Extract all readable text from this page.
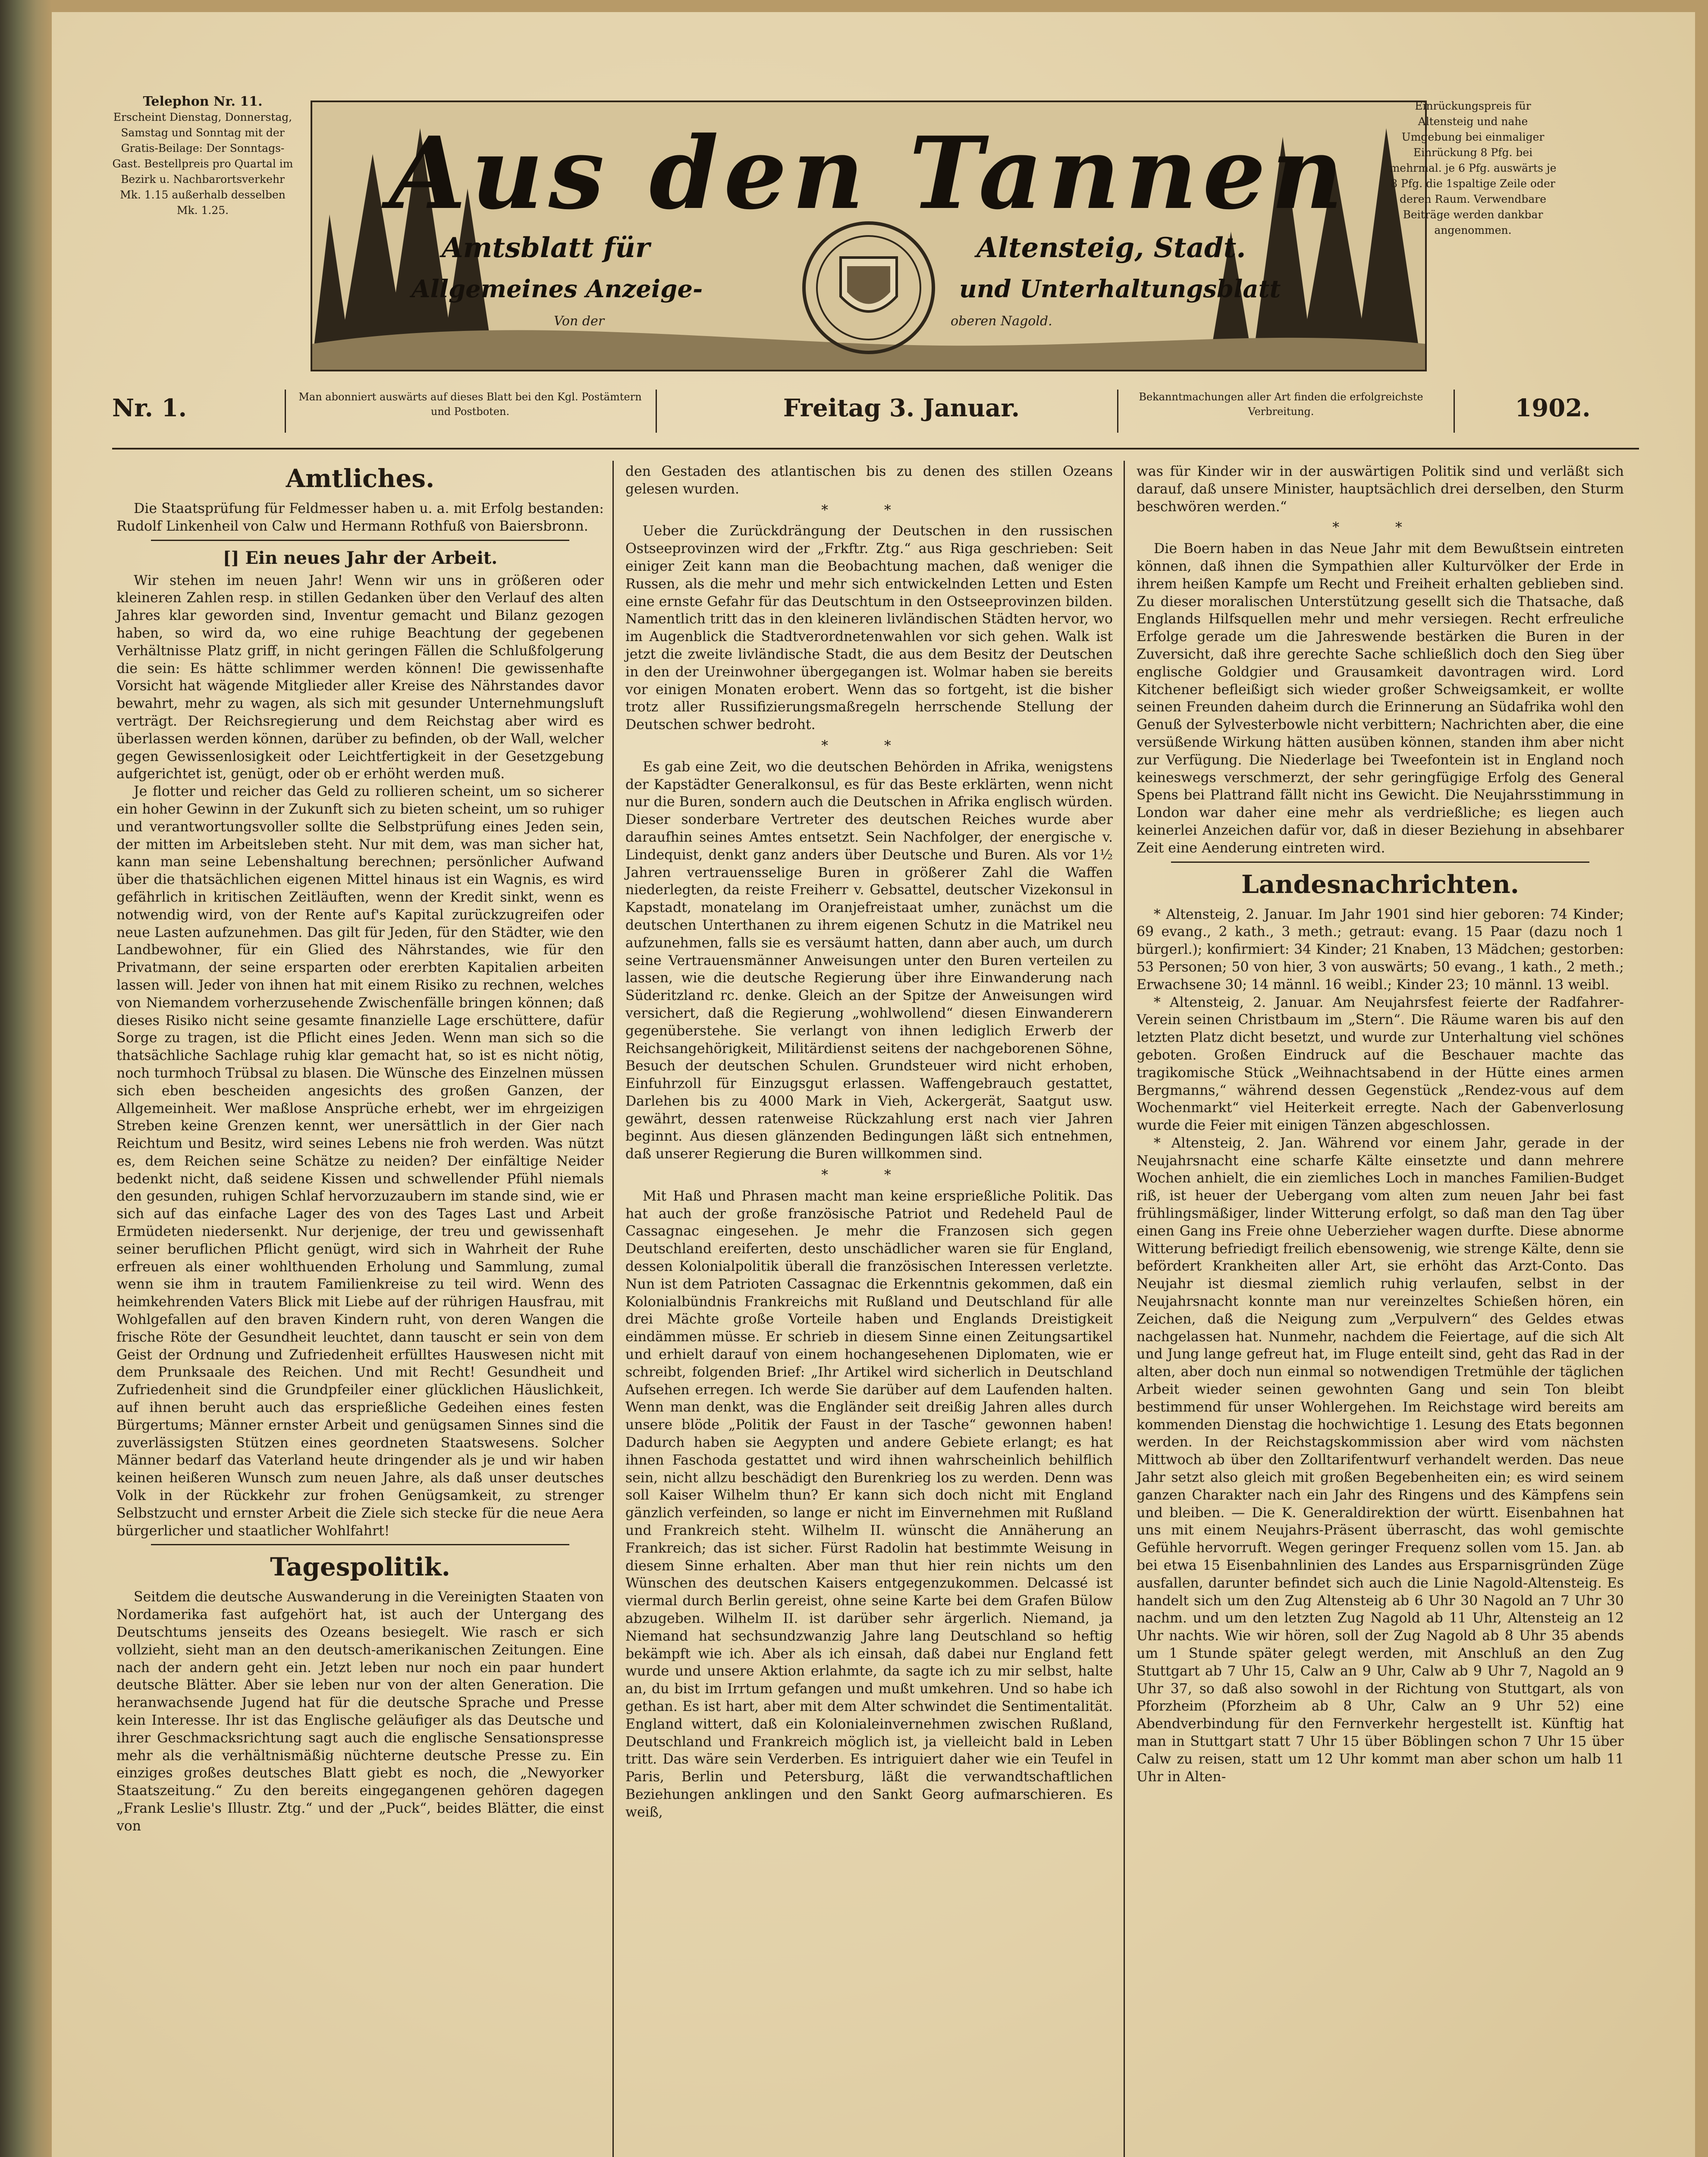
Telephon Nr. 11.
Erscheint Dienstag, Donnerstag, Samstag und Sonntag mit der Gratis-Beilage: Der Sonntags-Gast. Bestellpreis pro Quartal im Bezirk u. Nachbarortsverkehr Mk. 1.15 außerhalb desselben Mk. 1.25.	Aus den Tannen
Amtsblatt für	Altensteig, Stadt.
Allgemeines Anzeige-	und Unterhaltungsblatt
Von der	oberen Nagold.
Einrückungspreis für Altensteig und nahe Umgebung bei einmaliger Einrückung 8 Pfg. bei mehrmal. je 6 Pfg. auswärts je 8 Pfg. die 1spaltige Zeile oder deren Raum. Verwendbare Beiträge werden dankbar angenommen.
Nr. 1.	Man abonniert auswärts auf dieses Blatt bei den Kgl. Postämtern und Postboten.	Freitag 3. Januar.	Bekanntmachungen aller Art finden die erfolgreichste Verbreitung.	1902.
Amtliches.

Die Staatsprüfung für Feldmesser haben u. a. mit Erfolg bestanden: Rudolf Linkenheil von Calw und Hermann Rothfuß von Baiersbronn.

[] Ein neues Jahr der Arbeit.

Wir stehen im neuen Jahr! Wenn wir uns in größeren oder kleineren Zahlen resp. in stillen Gedanken über den Verlauf des alten Jahres klar geworden sind, Inventur gemacht und Bilanz gezogen haben, so wird da, wo eine ruhige Beachtung der gegebenen Verhältnisse Platz griff, in nicht geringen Fällen die Schlußfolgerung die sein: Es hätte schlimmer werden können! Die gewissenhafte Vorsicht hat wägende Mitglieder aller Kreise des Nährstandes davor bewahrt, mehr zu wagen, als sich mit gesunder Unternehmungsluft verträgt. Der Reichsregierung und dem Reichstag aber wird es überlassen werden können, darüber zu befinden, ob der Wall, welcher gegen Gewissenlosigkeit oder Leichtfertigkeit in der Gesetzgebung aufgerichtet ist, genügt, oder ob er erhöht werden muß.

Je flotter und reicher das Geld zu rollieren scheint, um so sicherer ein hoher Gewinn in der Zukunft sich zu bieten scheint, um so ruhiger und verantwortungsvoller sollte die Selbstprüfung eines Jeden sein, der mitten im Arbeitsleben steht. Nur mit dem, was man sicher hat, kann man seine Lebenshaltung berechnen; persönlicher Aufwand über die thatsächlichen eigenen Mittel hinaus ist ein Wagnis, es wird gefährlich in kritischen Zeitläuften, wenn der Kredit sinkt, wenn es notwendig wird, von der Rente auf's Kapital zurückzugreifen oder neue Lasten aufzunehmen. Das gilt für Jeden, für den Städter, wie den Landbewohner, für ein Glied des Nährstandes, wie für den Privatmann, der seine ersparten oder ererbten Kapitalien arbeiten lassen will. Jeder von ihnen hat mit einem Risiko zu rechnen, welches von Niemandem vorherzusehende Zwischenfälle bringen können; daß dieses Risiko nicht seine gesamte finanzielle Lage erschüttere, dafür Sorge zu tragen, ist die Pflicht eines Jeden. Wenn man sich so die thatsächliche Sachlage ruhig klar gemacht hat, so ist es nicht nötig, noch turmhoch Trübsal zu blasen. Die Wünsche des Einzelnen müssen sich eben bescheiden angesichts des großen Ganzen, der Allgemeinheit. Wer maßlose Ansprüche erhebt, wer im ehrgeizigen Streben keine Grenzen kennt, wer unersättlich in der Gier nach Reichtum und Besitz, wird seines Lebens nie froh werden. Was nützt es, dem Reichen seine Schätze zu neiden? Der einfältige Neider bedenkt nicht, daß seidene Kissen und schwellender Pfühl niemals den gesunden, ruhigen Schlaf hervorzuzaubern im stande sind, wie er sich auf das einfache Lager des von des Tages Last und Arbeit Ermüdeten niedersenkt. Nur derjenige, der treu und gewissenhaft seiner beruflichen Pflicht genügt, wird sich in Wahrheit der Ruhe erfreuen als einer wohlthuenden Erholung und Sammlung, zumal wenn sie ihm in trautem Familienkreise zu teil wird. Wenn des heimkehrenden Vaters Blick mit Liebe auf der rührigen Hausfrau, mit Wohlgefallen auf den braven Kindern ruht, von deren Wangen die frische Röte der Gesundheit leuchtet, dann tauscht er sein von dem Geist der Ordnung und Zufriedenheit erfülltes Hauswesen nicht mit dem Prunksaale des Reichen. Und mit Recht! Gesundheit und Zufriedenheit sind die Grundpfeiler einer glücklichen Häuslichkeit, auf ihnen beruht auch das ersprießliche Gedeihen eines festen Bürgertums; Männer ernster Arbeit und genügsamen Sinnes sind die zuverlässigsten Stützen eines geordneten Staatswesens. Solcher Männer bedarf das Vaterland heute dringender als je und wir haben keinen heißeren Wunsch zum neuen Jahre, als daß unser deutsches Volk in der Rückkehr zur frohen Genügsamkeit, zu strenger Selbstzucht und ernster Arbeit die Ziele sich stecke für die neue Aera bürgerlicher und staatlicher Wohlfahrt!

Tagespolitik.

Seitdem die deutsche Auswanderung in die Vereinigten Staaten von Nordamerika fast aufgehört hat, ist auch der Untergang des Deutschtums jenseits des Ozeans besiegelt. Wie rasch er sich vollzieht, sieht man an den deutsch-amerikanischen Zeitungen. Eine nach der andern geht ein. Jetzt leben nur noch ein paar hundert deutsche Blätter. Aber sie leben nur von der alten Generation. Die heranwachsende Jugend hat für die deutsche Sprache und Presse kein Interesse. Ihr ist das Englische geläufiger als das Deutsche und ihrer Geschmacksrichtung sagt auch die englische Sensationspresse mehr als die verhältnismäßig nüchterne deutsche Presse zu. Ein einziges großes deutsches Blatt giebt es noch, die „Newyorker Staatszeitung.“ Zu den bereits eingegangenen gehören dagegen „Frank Leslie's Illustr. Ztg.“ und der „Puck“, beides Blätter, die einst von

den Gestaden des atlantischen bis zu denen des stillen Ozeans gelesen wurden.

* *

Ueber die Zurückdrängung der Deutschen in den russischen Ostseeprovinzen wird der „Frkftr. Ztg.“ aus Riga geschrieben: Seit einiger Zeit kann man die Beobachtung machen, daß weniger die Russen, als die mehr und mehr sich entwickelnden Letten und Esten eine ernste Gefahr für das Deutschtum in den Ostseeprovinzen bilden. Namentlich tritt das in den kleineren livländischen Städten hervor, wo im Augenblick die Stadtverordnetenwahlen vor sich gehen. Walk ist jetzt die zweite livländische Stadt, die aus dem Besitz der Deutschen in den der Ureinwohner übergegangen ist. Wolmar haben sie bereits vor einigen Monaten erobert. Wenn das so fortgeht, ist die bisher trotz aller Russifizierungsmaßregeln herrschende Stellung der Deutschen schwer bedroht.

* *

Es gab eine Zeit, wo die deutschen Behörden in Afrika, wenigstens der Kapstädter Generalkonsul, es für das Beste erklärten, wenn nicht nur die Buren, sondern auch die Deutschen in Afrika englisch würden. Dieser sonderbare Vertreter des deutschen Reiches wurde aber daraufhin seines Amtes entsetzt. Sein Nachfolger, der energische v. Lindequist, denkt ganz anders über Deutsche und Buren. Als vor 1½ Jahren vertrauensselige Buren in größerer Zahl die Waffen niederlegten, da reiste Freiherr v. Gebsattel, deutscher Vizekonsul in Kapstadt, monatelang im Oranjefreistaat umher, zunächst um die deutschen Unterthanen zu ihrem eigenen Schutz in die Matrikel neu aufzunehmen, falls sie es versäumt hatten, dann aber auch, um durch seine Vertrauensmänner Anweisungen unter den Buren verteilen zu lassen, wie die deutsche Regierung über ihre Einwanderung nach Süderitzland rc. denke. Gleich an der Spitze der Anweisungen wird versichert, daß die Regierung „wohlwollend“ diesen Einwanderern gegenüberstehe. Sie verlangt von ihnen lediglich Erwerb der Reichsangehörigkeit, Militärdienst seitens der nachgeborenen Söhne, Besuch der deutschen Schulen. Grundsteuer wird nicht erhoben, Einfuhrzoll für Einzugsgut erlassen. Waffengebrauch gestattet, Darlehen bis zu 4000 Mark in Vieh, Ackergerät, Saatgut usw. gewährt, dessen ratenweise Rückzahlung erst nach vier Jahren beginnt. Aus diesen glänzenden Bedingungen läßt sich entnehmen, daß unserer Regierung die Buren willkommen sind.

* *

Mit Haß und Phrasen macht man keine ersprießliche Politik. Das hat auch der große französische Patriot und Redeheld Paul de Cassagnac eingesehen. Je mehr die Franzosen sich gegen Deutschland ereiferten, desto unschädlicher waren sie für England, dessen Kolonialpolitik überall die französischen Interessen verletzte. Nun ist dem Patrioten Cassagnac die Erkenntnis gekommen, daß ein Kolonialbündnis Frankreichs mit Rußland und Deutschland für alle drei Mächte große Vorteile haben und Englands Dreistigkeit eindämmen müsse. Er schrieb in diesem Sinne einen Zeitungsartikel und erhielt darauf von einem hochangesehenen Diplomaten, wie er schreibt, folgenden Brief: „Ihr Artikel wird sicherlich in Deutschland Aufsehen erregen. Ich werde Sie darüber auf dem Laufenden halten. Wenn man denkt, was die Engländer seit dreißig Jahren alles durch unsere blöde „Politik der Faust in der Tasche“ gewonnen haben! Dadurch haben sie Aegypten und andere Gebiete erlangt; es hat ihnen Faschoda gestattet und wird ihnen wahrscheinlich behilflich sein, nicht allzu beschädigt den Burenkrieg los zu werden. Denn was soll Kaiser Wilhelm thun? Er kann sich doch nicht mit England gänzlich verfeinden, so lange er nicht im Einvernehmen mit Rußland und Frankreich steht. Wilhelm II. wünscht die Annäherung an Frankreich; das ist sicher. Fürst Radolin hat bestimmte Weisung in diesem Sinne erhalten. Aber man thut hier rein nichts um den Wünschen des deutschen Kaisers entgegenzukommen. Delcassé ist viermal durch Berlin gereist, ohne seine Karte bei dem Grafen Bülow abzugeben. Wilhelm II. ist darüber sehr ärgerlich. Niemand, ja Niemand hat sechsundzwanzig Jahre lang Deutschland so heftig bekämpft wie ich. Aber als ich einsah, daß dabei nur England fett wurde und unsere Aktion erlahmte, da sagte ich zu mir selbst, halte an, du bist im Irrtum gefangen und mußt umkehren. Und so habe ich gethan. Es ist hart, aber mit dem Alter schwindet die Sentimentalität. England wittert, daß ein Kolonialeinvernehmen zwischen Rußland, Deutschland und Frankreich möglich ist, ja vielleicht bald in Leben tritt. Das wäre sein Verderben. Es intriguiert daher wie ein Teufel in Paris, Berlin und Petersburg, läßt die verwandtschaftlichen Beziehungen anklingen und den Sankt Georg aufmarschieren. Es weiß,

was für Kinder wir in der auswärtigen Politik sind und verläßt sich darauf, daß unsere Minister, hauptsächlich drei derselben, den Sturm beschwören werden.“

* *

Die Boern haben in das Neue Jahr mit dem Bewußtsein eintreten können, daß ihnen die Sympathien aller Kulturvölker der Erde in ihrem heißen Kampfe um Recht und Freiheit erhalten geblieben sind. Zu dieser moralischen Unterstützung gesellt sich die Thatsache, daß Englands Hilfsquellen mehr und mehr versiegen. Recht erfreuliche Erfolge gerade um die Jahreswende bestärken die Buren in der Zuversicht, daß ihre gerechte Sache schließlich doch den Sieg über englische Goldgier und Grausamkeit davontragen wird. Lord Kitchener befleißigt sich wieder großer Schweigsamkeit, er wollte seinen Freunden daheim durch die Erinnerung an Südafrika wohl den Genuß der Sylvesterbowle nicht verbittern; Nachrichten aber, die eine versüßende Wirkung hätten ausüben können, standen ihm aber nicht zur Verfügung. Die Niederlage bei Tweefontein ist in England noch keineswegs verschmerzt, der sehr geringfügige Erfolg des General Spens bei Plattrand fällt nicht ins Gewicht. Die Neujahrsstimmung in London war daher eine mehr als verdrießliche; es liegen auch keinerlei Anzeichen dafür vor, daß in dieser Beziehung in absehbarer Zeit eine Aenderung eintreten wird.

Landesnachrichten.

* Altensteig, 2. Januar. Im Jahr 1901 sind hier geboren: 74 Kinder; 69 evang., 2 kath., 3 meth.; getraut: evang. 15 Paar (dazu noch 1 bürgerl.); konfirmiert: 34 Kinder; 21 Knaben, 13 Mädchen; gestorben: 53 Personen; 50 von hier, 3 von auswärts; 50 evang., 1 kath., 2 meth.; Erwachsene 30; 14 männl. 16 weibl.; Kinder 23; 10 männl. 13 weibl.

* Altensteig, 2. Januar. Am Neujahrsfest feierte der Radfahrer-Verein seinen Christbaum im „Stern“. Die Räume waren bis auf den letzten Platz dicht besetzt, und wurde zur Unterhaltung viel schönes geboten. Großen Eindruck auf die Beschauer machte das tragikomische Stück „Weihnachtsabend in der Hütte eines armen Bergmanns,“ während dessen Gegenstück „Rendez-vous auf dem Wochenmarkt“ viel Heiterkeit erregte. Nach der Gabenverlosung wurde die Feier mit einigen Tänzen abgeschlossen.

* Altensteig, 2. Jan. Während vor einem Jahr, gerade in der Neujahrsnacht eine scharfe Kälte einsetzte und dann mehrere Wochen anhielt, die ein ziemliches Loch in manches Familien-Budget riß, ist heuer der Uebergang vom alten zum neuen Jahr bei fast frühlingsmäßiger, linder Witterung erfolgt, so daß man den Tag über einen Gang ins Freie ohne Ueberzieher wagen durfte. Diese abnorme Witterung befriedigt freilich ebensowenig, wie strenge Kälte, denn sie befördert Krankheiten aller Art, sie erhöht das Arzt-Conto. Das Neujahr ist diesmal ziemlich ruhig verlaufen, selbst in der Neujahrsnacht konnte man nur vereinzeltes Schießen hören, ein Zeichen, daß die Neigung zum „Verpulvern“ des Geldes etwas nachgelassen hat. Nunmehr, nachdem die Feiertage, auf die sich Alt und Jung lange gefreut hat, im Fluge enteilt sind, geht das Rad in der alten, aber doch nun einmal so notwendigen Tretmühle der täglichen Arbeit wieder seinen gewohnten Gang und sein Ton bleibt bestimmend für unser Wohlergehen. Im Reichstage wird bereits am kommenden Dienstag die hochwichtige 1. Lesung des Etats begonnen werden. In der Reichstagskommission aber wird vom nächsten Mittwoch ab über den Zolltarifentwurf verhandelt werden. Das neue Jahr setzt also gleich mit großen Begebenheiten ein; es wird seinem ganzen Charakter nach ein Jahr des Ringens und des Kämpfens sein und bleiben. — Die K. Generaldirektion der württ. Eisenbahnen hat uns mit einem Neujahrs-Präsent überrascht, das wohl gemischte Gefühle hervorruft. Wegen geringer Frequenz sollen vom 15. Jan. ab bei etwa 15 Eisenbahnlinien des Landes aus Ersparnisgründen Züge ausfallen, darunter befindet sich auch die Linie Nagold-Altensteig. Es handelt sich um den Zug Altensteig ab 6 Uhr 30 Nagold an 7 Uhr 30 nachm. und um den letzten Zug Nagold ab 11 Uhr, Altensteig an 12 Uhr nachts. Wie wir hören, soll der Zug Nagold ab 8 Uhr 35 abends um 1 Stunde später gelegt werden, mit Anschluß an den Zug Stuttgart ab 7 Uhr 15, Calw an 9 Uhr, Calw ab 9 Uhr 7, Nagold an 9 Uhr 37, so daß also sowohl in der Richtung von Stuttgart, als von Pforzheim (Pforzheim ab 8 Uhr, Calw an 9 Uhr 52) eine Abendverbindung für den Fernverkehr hergestellt ist. Künftig hat man in Stuttgart statt 7 Uhr 15 über Böblingen schon 7 Uhr 15 über Calw zu reisen, statt um 12 Uhr kommt man aber schon um halb 11 Uhr in Alten-
